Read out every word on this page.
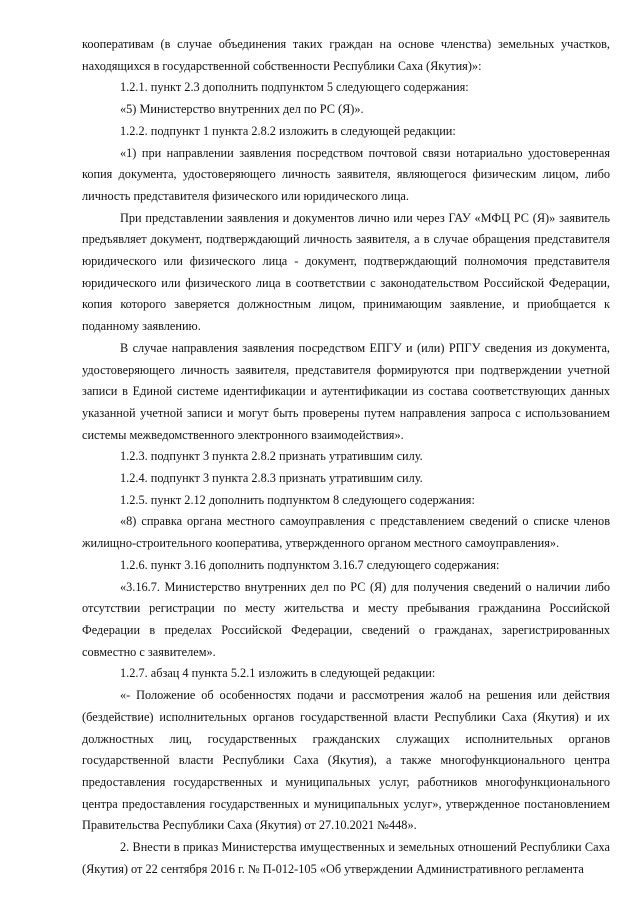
кооперативам (в случае объединения таких граждан на основе членства) земельных участков, находящихся в государственной собственности Республики Саха (Якутия)»:

1.2.1. пункт 2.3 дополнить подпунктом 5 следующего содержания:

«5) Министерство внутренних дел по РС (Я)».

1.2.2. подпункт 1 пункта 2.8.2 изложить в следующей редакции:

«1) при направлении заявления посредством почтовой связи нотариально удостоверенная копия документа, удостоверяющего личность заявителя, являющегося физическим лицом, либо личность представителя физического или юридического лица.

При представлении заявления и документов лично или через ГАУ «МФЦ РС (Я)» заявитель предъявляет документ, подтверждающий личность заявителя, а в случае обращения представителя юридического или физического лица - документ, подтверждающий полномочия представителя юридического или физического лица в соответствии с законодательством Российской Федерации, копия которого заверяется должностным лицом, принимающим заявление, и приобщается к поданному заявлению.

В случае направления заявления посредством ЕПГУ и (или) РПГУ сведения из документа, удостоверяющего личность заявителя, представителя формируются при подтверждении учетной записи в Единой системе идентификации и аутентификации из состава соответствующих данных указанной учетной записи и могут быть проверены путем направления запроса с использованием системы межведомственного электронного взаимодействия».

1.2.3. подпункт 3 пункта 2.8.2 признать утратившим силу.

1.2.4. подпункт 3 пункта 2.8.3 признать утратившим силу.

1.2.5. пункт 2.12 дополнить подпунктом 8 следующего содержания:

«8) справка органа местного самоуправления с представлением сведений о списке членов жилищно-строительного кооператива, утвержденного органом местного самоуправления».

1.2.6. пункт 3.16 дополнить подпунктом 3.16.7 следующего содержания:

«3.16.7. Министерство внутренних дел по РС (Я) для получения сведений о наличии либо отсутствии регистрации по месту жительства и месту пребывания гражданина Российской Федерации в пределах Российской Федерации, сведений о гражданах, зарегистрированных совместно с заявителем».

1.2.7. абзац 4 пункта 5.2.1 изложить в следующей редакции:

«- Положение об особенностях подачи и рассмотрения жалоб на решения или действия (бездействие) исполнительных органов государственной власти Республики Саха (Якутия) и их должностных лиц, государственных гражданских служащих исполнительных органов государственной власти Республики Саха (Якутия), а также многофункционального центра предоставления государственных и муниципальных услуг, работников многофункционального центра предоставления государственных и муниципальных услуг», утвержденное постановлением Правительства Республики Саха (Якутия) от 27.10.2021 №448».

2. Внести в приказ Министерства имущественных и земельных отношений Республики Саха (Якутия) от 22 сентября 2016 г. № П-012-105 «Об утверждении Административного регламента
